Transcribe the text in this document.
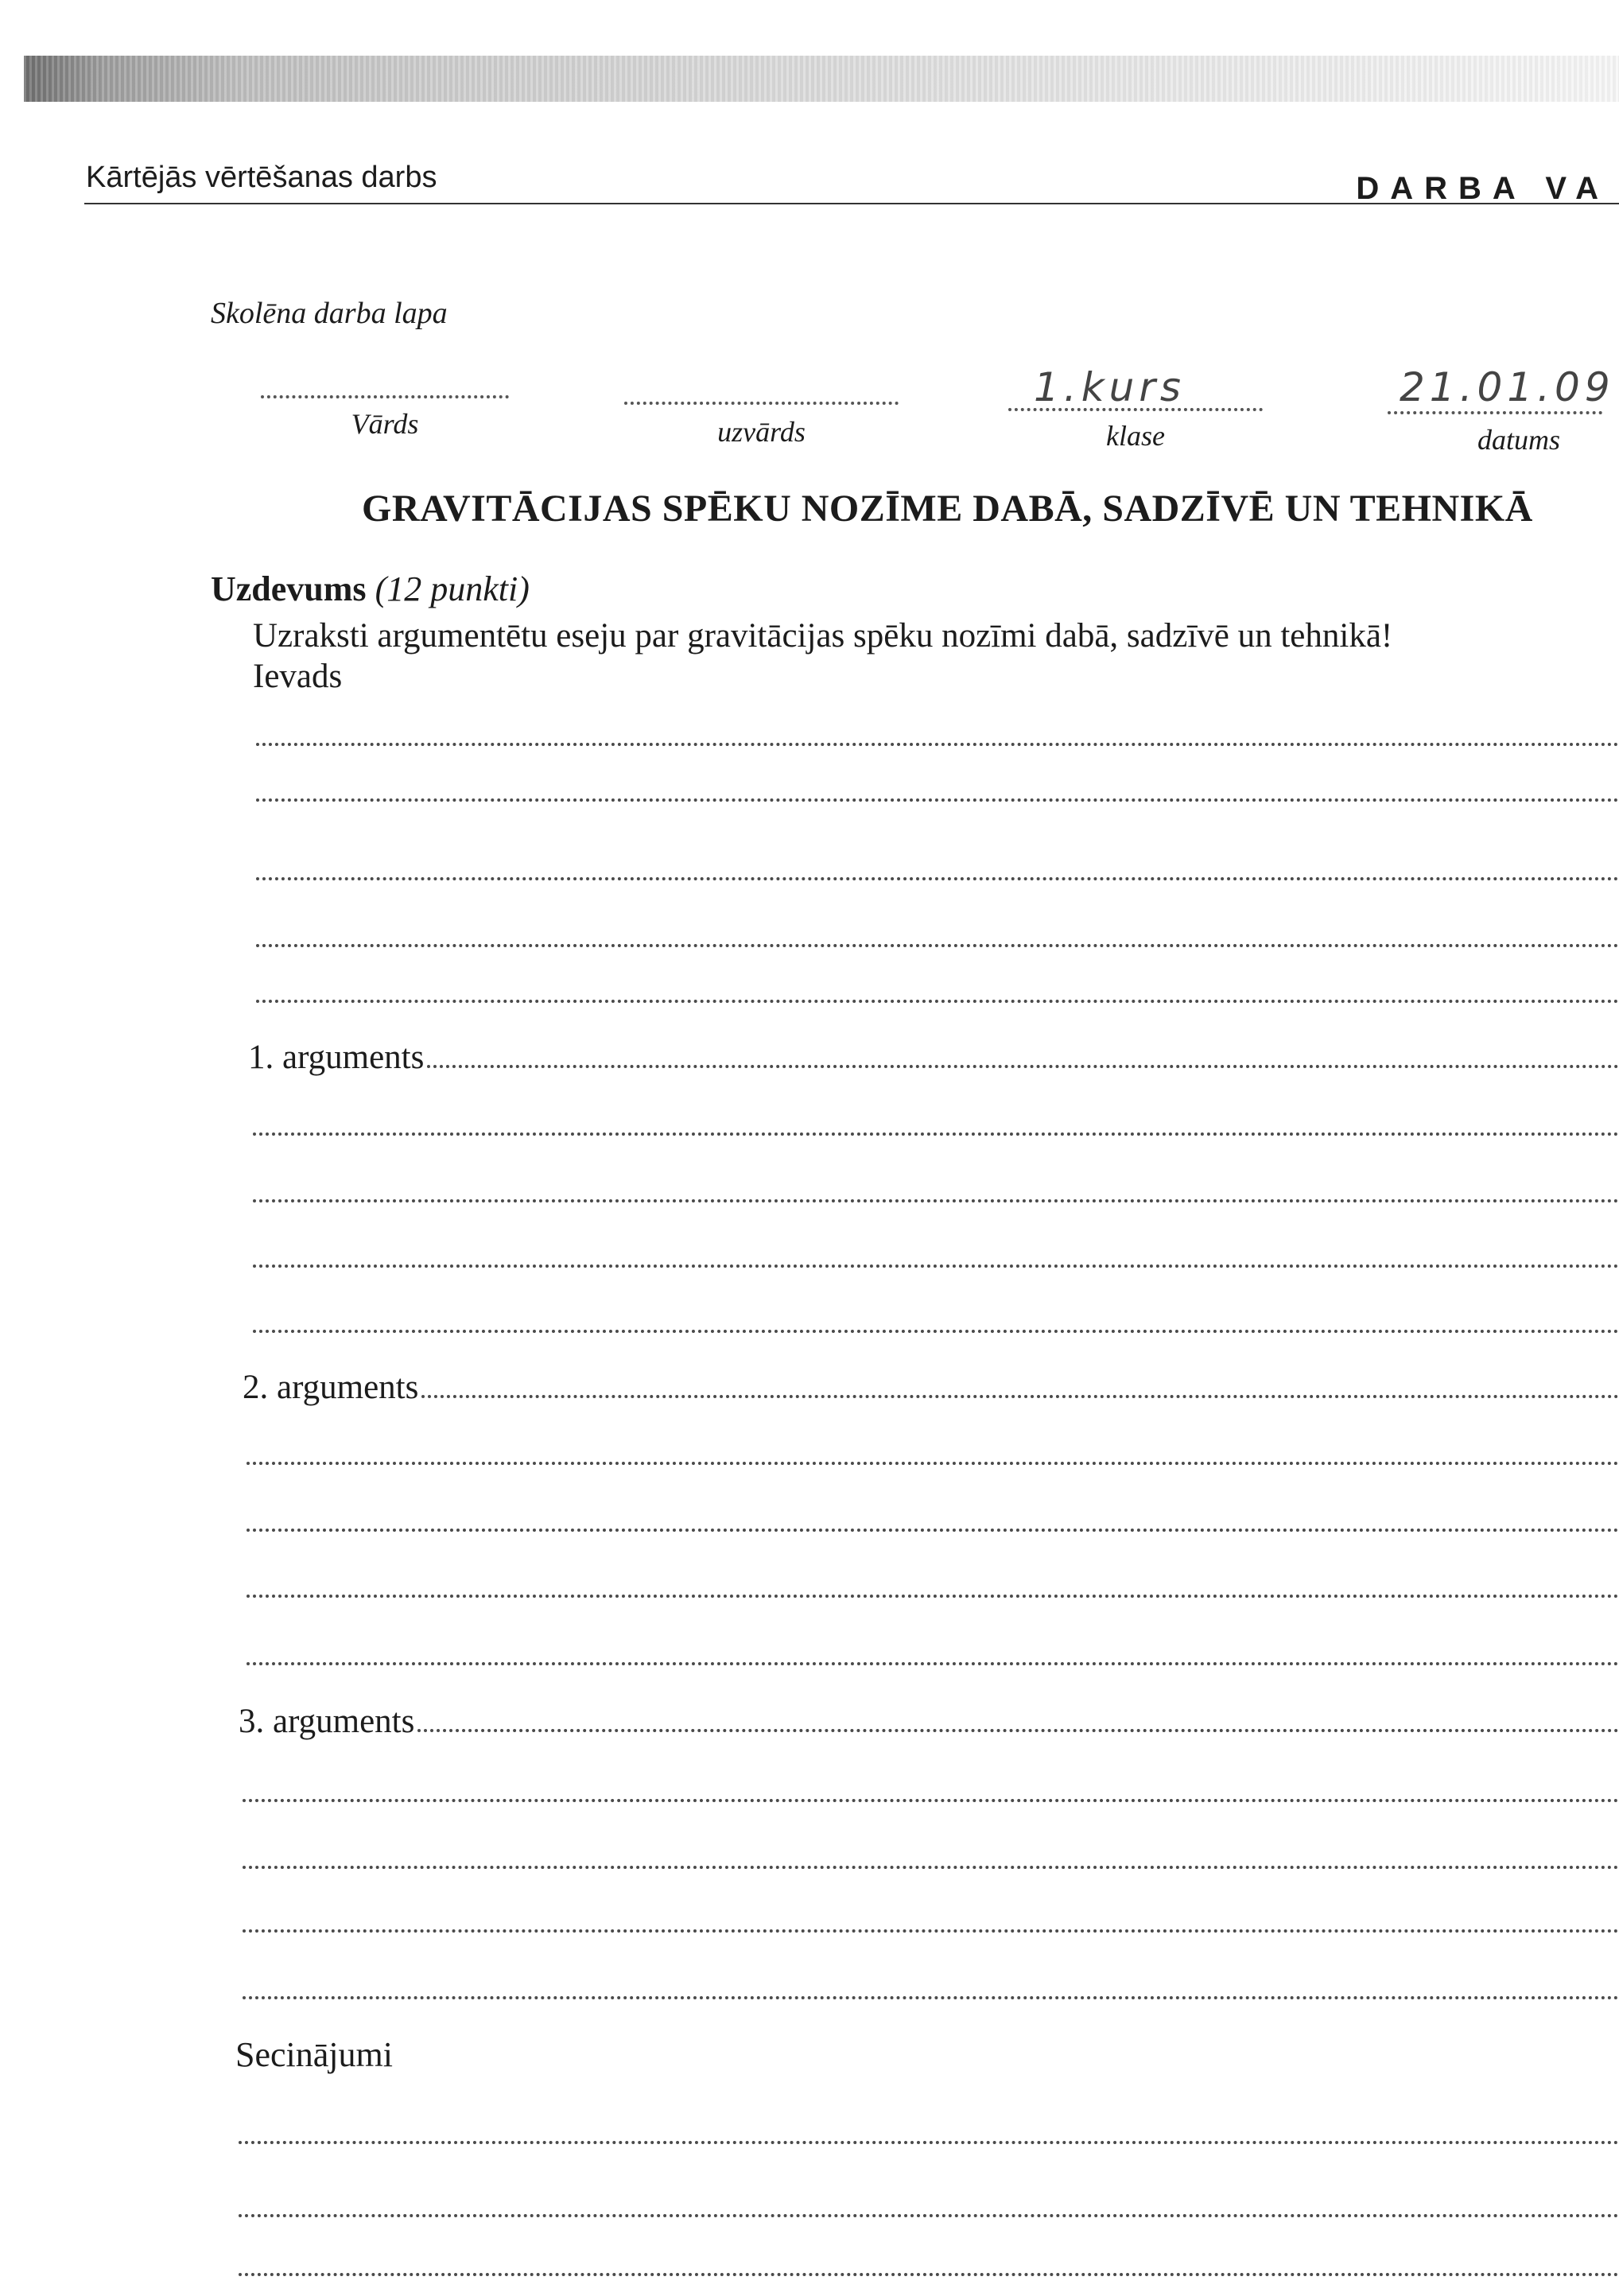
Kārtējās vērtēšanas darbs	DARBA VA
Skolēna darba lapa
Vārds	uzvārds
1.kurs
klase
21.01.09
datums
GRAVITĀCIJAS SPĒKU NOZĪME DABĀ, SADZĪVĒ UN TEHNIKĀ
Uzdevums (12 punkti)
Uzraksti argumentētu eseju par gravitācijas spēku nozīmi dabā, sadzīvē un tehnikā!
Ievads
1. arguments
2. arguments
3. arguments
Secinājumi
